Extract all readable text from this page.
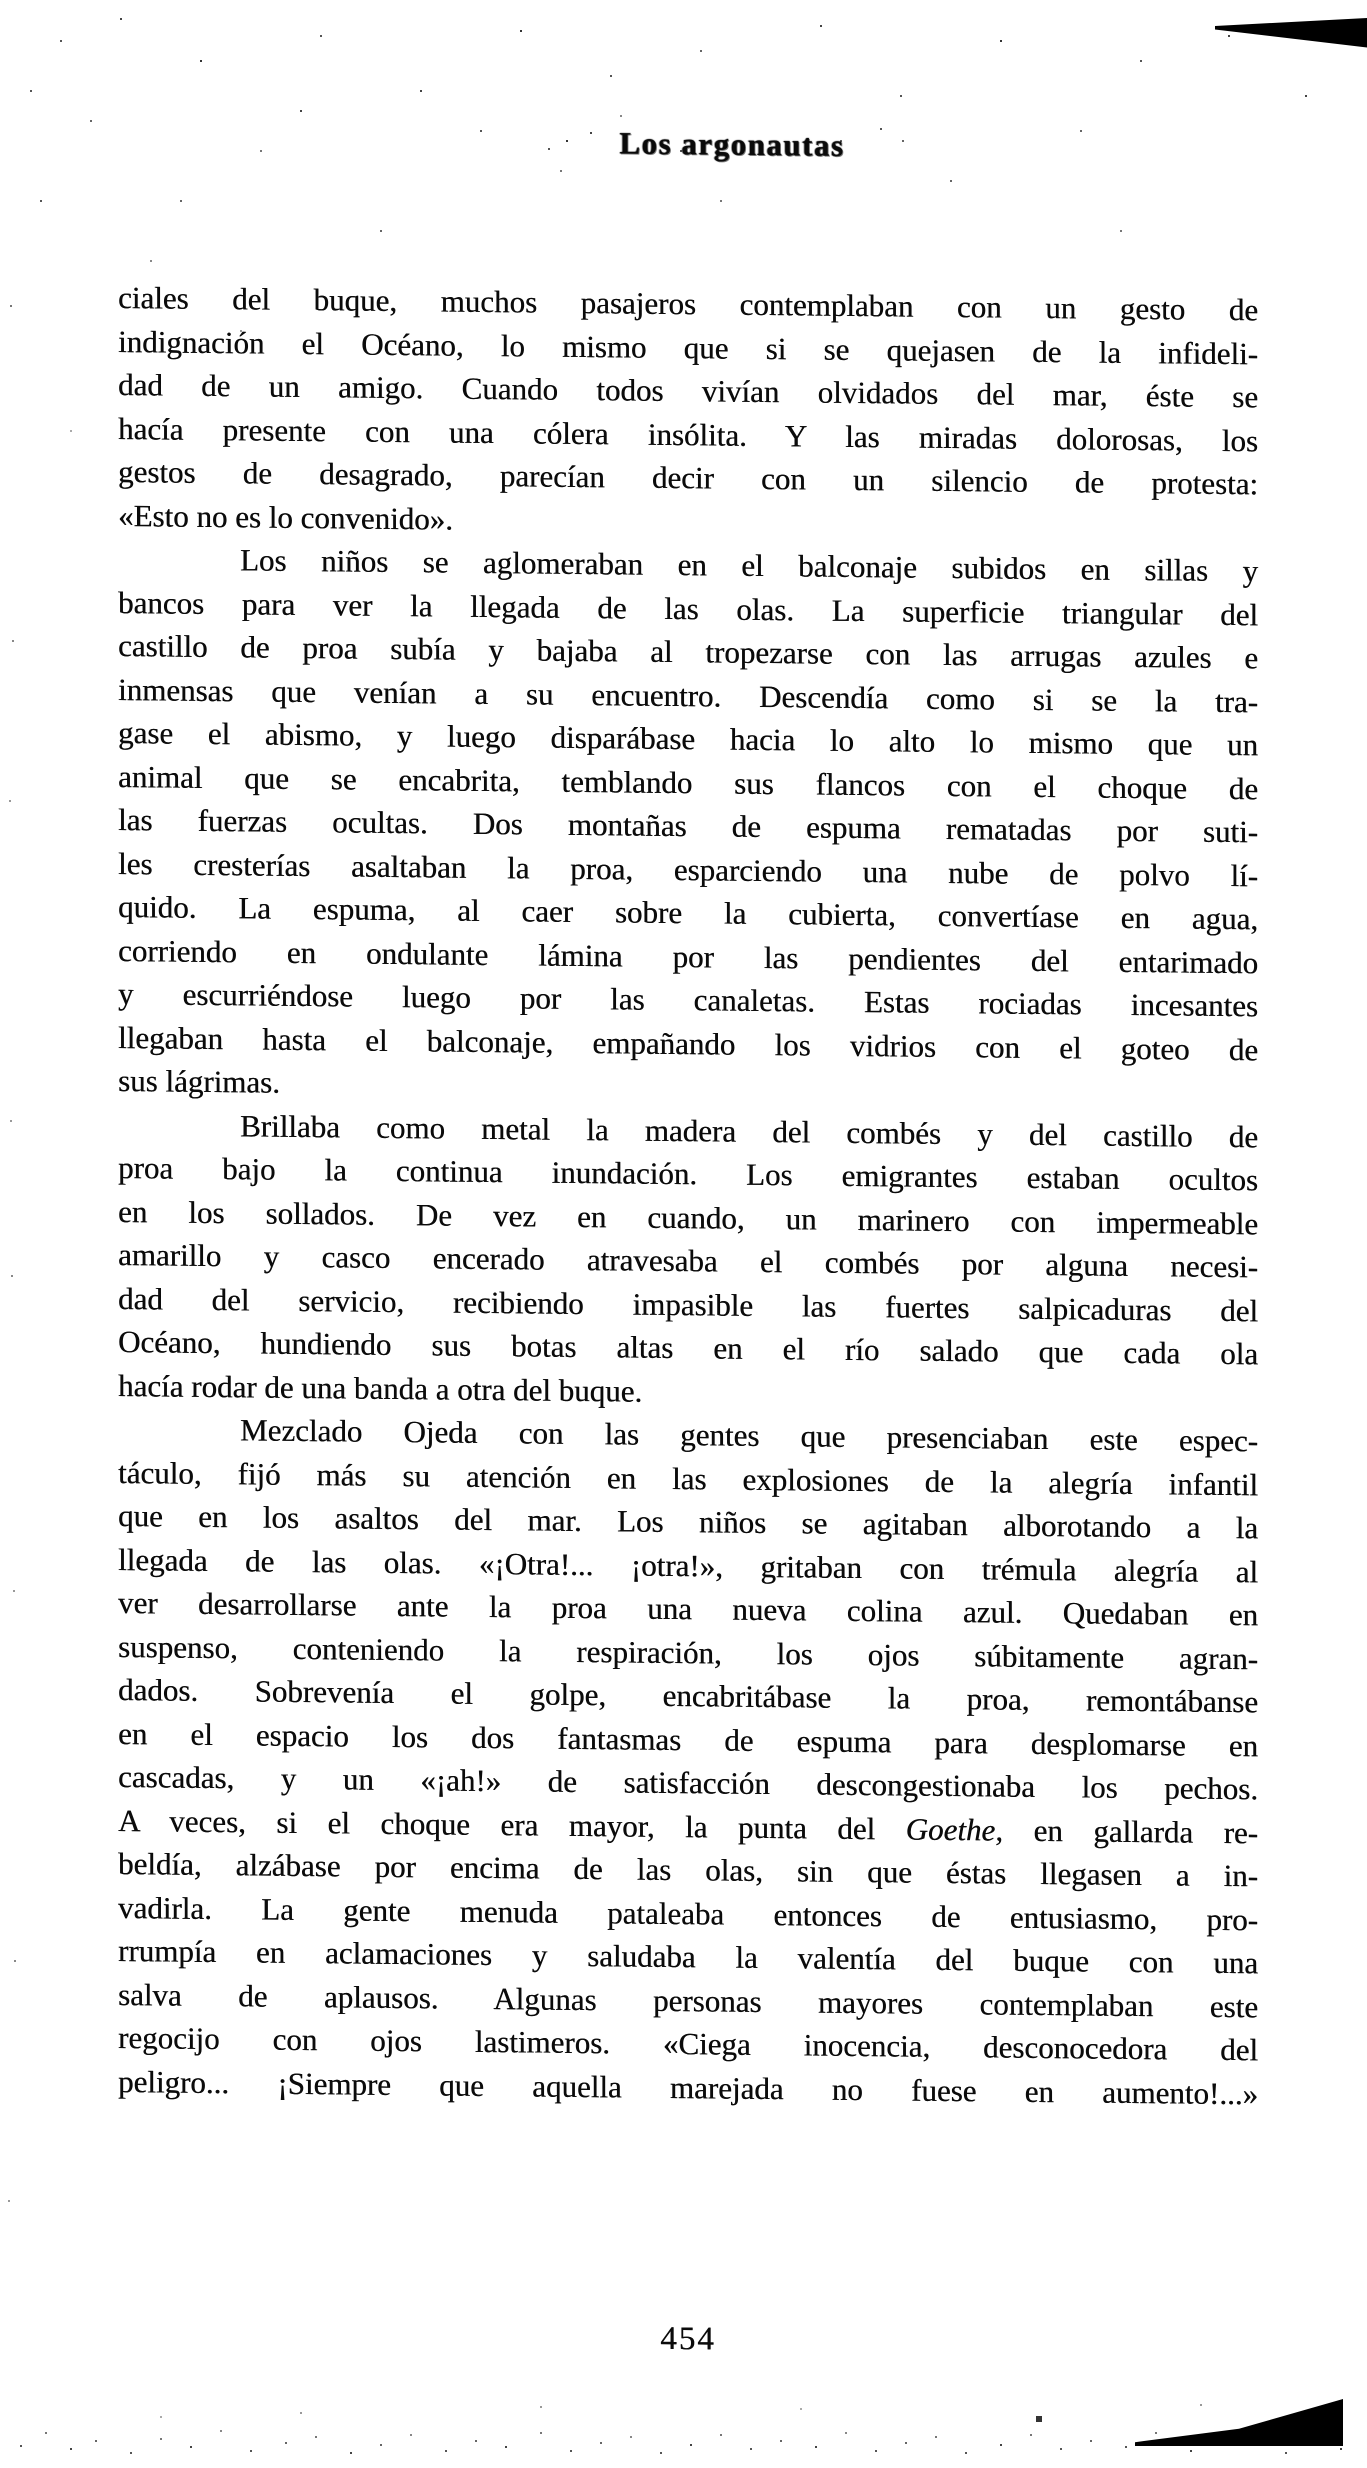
Los argonautas
ciales del buque, muchos pasajeros contemplaban con un gesto de
indignación el Océano, lo mismo que si se quejasen de la infideli-
dad de un amigo. Cuando todos vivían olvidados del mar, éste se
hacía presente con una cólera insólita. Y las miradas dolorosas, los
gestos de desagrado, parecían decir con un silencio de protesta:
«Esto no es lo convenido».
Los niños se aglomeraban en el balconaje subidos en sillas y
bancos para ver la llegada de las olas. La superficie triangular del
castillo de proa subía y bajaba al tropezarse con las arrugas azules e
inmensas que venían a su encuentro. Descendía como si se la tra-
gase el abismo, y luego disparábase hacia lo alto lo mismo que un
animal que se encabrita, temblando sus flancos con el choque de
las fuerzas ocultas. Dos montañas de espuma rematadas por suti-
les cresterías asaltaban la proa, esparciendo una nube de polvo lí-
quido. La espuma, al caer sobre la cubierta, convertíase en agua,
corriendo en ondulante lámina por las pendientes del entarimado
y escurriéndose luego por las canaletas. Estas rociadas incesantes
llegaban hasta el balconaje, empañando los vidrios con el goteo de
sus lágrimas.
Brillaba como metal la madera del combés y del castillo de
proa bajo la continua inundación. Los emigrantes estaban ocultos
en los sollados. De vez en cuando, un marinero con impermeable
amarillo y casco encerado atravesaba el combés por alguna necesi-
dad del servicio, recibiendo impasible las fuertes salpicaduras del
Océano, hundiendo sus botas altas en el río salado que cada ola
hacía rodar de una banda a otra del buque.
Mezclado Ojeda con las gentes que presenciaban este espec-
táculo, fijó más su atención en las explosiones de la alegría infantil
que en los asaltos del mar. Los niños se agitaban alborotando a la
llegada de las olas. «¡Otra!... ¡otra!», gritaban con trémula alegría al
ver desarrollarse ante la proa una nueva colina azul. Quedaban en
suspenso, conteniendo la respiración, los ojos súbitamente agran-
dados. Sobrevenía el golpe, encabritábase la proa, remontábanse
en el espacio los dos fantasmas de espuma para desplomarse en
cascadas, y un «¡ah!» de satisfacción descongestionaba los pechos.
A veces, si el choque era mayor, la punta del Goethe, en gallarda re-
beldía, alzábase por encima de las olas, sin que éstas llegasen a in-
vadirla. La gente menuda pataleaba entonces de entusiasmo, pro-
rrumpía en aclamaciones y saludaba la valentía del buque con una
salva de aplausos. Algunas personas mayores contemplaban este
regocijo con ojos lastimeros. «Ciega inocencia, desconocedora del
peligro... ¡Siempre que aquella marejada no fuese en aumento!...»
454
